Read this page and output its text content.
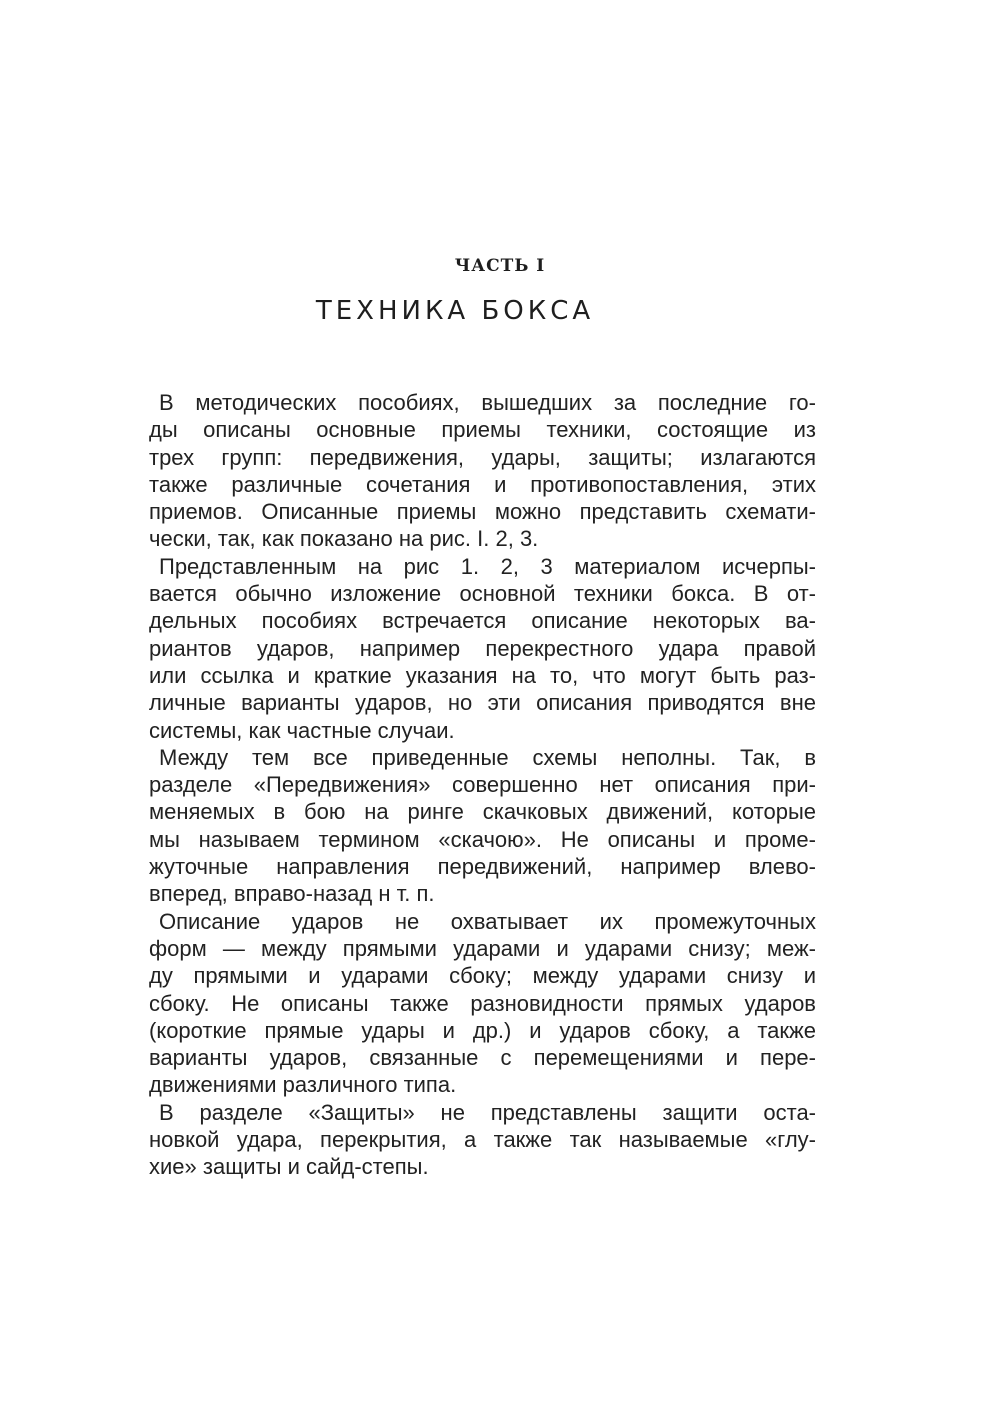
ЧАСТЬ I
ТЕХНИКА БОКСА
В методических пособиях, вышедших за последние го-
ды описаны основные приемы техники, состоящие из
трех групп: передвижения, удары, защиты; излагаются
также различные сочетания и противопоставления, этих
приемов. Описанные приемы можно представить схемати-
чески, так, как показано на рис. I. 2, 3.
Представленным на рис 1. 2, 3 материалом исчерпы-
вается обычно изложение основной техники бокса. В от-
дельных пособиях встречается описание некоторых ва-
риантов ударов, например перекрестного удара правой
или ссылка и краткие указания на то, что могут быть раз-
личные варианты ударов, но эти описания приводятся вне
системы, как частные случаи.
Между тем все приведенные схемы неполны. Так, в
разделе «Передвижения» совершенно нет описания при-
меняемых в бою на ринге скачковых движений, которые
мы называем термином «скачою». Не описаны и проме-
жуточные направления передвижений, например влево-
вперед, вправо-назад н т. п.
Описание ударов не охватывает их промежуточных
форм — между прямыми ударами и ударами снизу; меж-
ду прямыми и ударами сбоку; между ударами снизу и
сбоку. Не описаны также разновидности прямых ударов
(короткие прямые удары и др.) и ударов сбоку, а также
варианты ударов, связанные с перемещениями и пере-
движениями различного типа.
В разделе «Защиты» не представлены защити оста-
новкой удара, перекрытия, а также так называемые «глу-
хие» защиты и сайд-степы.
